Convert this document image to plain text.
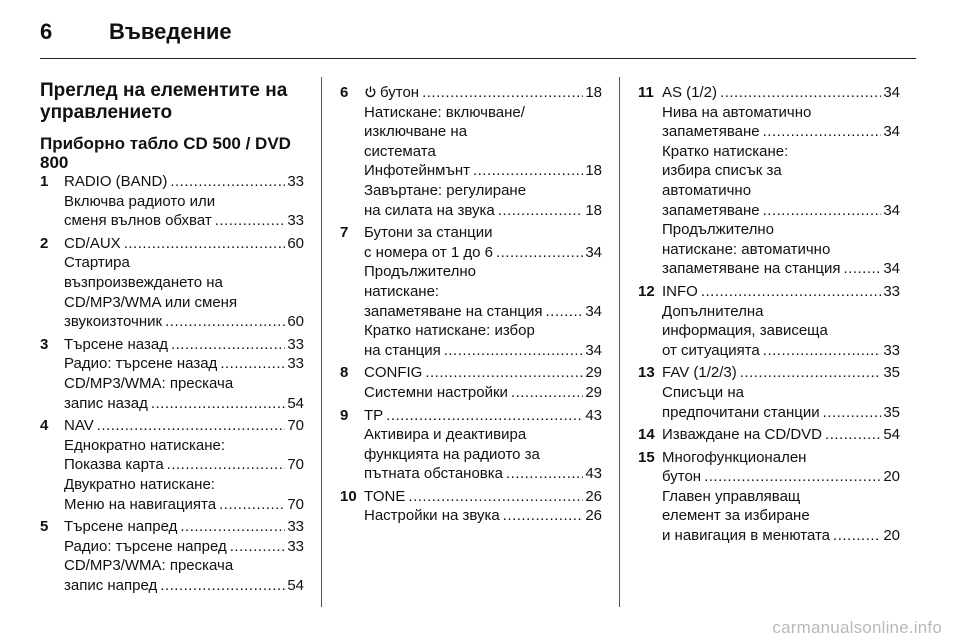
6	Въведение
Преглед на елементите на управлението
Приборно табло CD 500 / DVD 800
1 RADIO (BAND) .....	33
Включва радиото или
сменя вълнов обхват .....	33
2 CD/AUX .....	60
Стартира
възпроизвеждането на
CD/MP3/WMA или сменя
звукоизточник .....	60
3 Търсене назад .....	33
Радио: търсене назад .....	33
CD/MP3/WMA: прескача
запис назад .....	54
4 NAV .....	70
Еднократно натискане:
Показва карта .....	70
Двукратно натискане:
Меню на навигацията .....	70
5 Търсене напред .....	33
Радио: търсене напред .....	33
CD/MP3/WMA: прескача
запис напред .....	54
6	бутон .....	18
Натискане: включване/
изключване на
системата
Инфотейнмънт .....	18
Завъртане: регулиране
на силата на звука .....	18
7 Бутони за станции
с номера от 1 до 6 .....	34
Продължително
натискане:
запаметяване на станция .....	34
Кратко натискане: избор
на станция .....	34
8 CONFIG .....	29
Системни настройки .....	29
9 TP .....	43
Активира и деактивира
функцията на радиото за
пътната обстановка .....	43
10 TONE .....	26
Настройки на звука .....	26
11 AS (1/2) .....	34
Нива на автоматично
запаметяване .....	34
Кратко натискане:
избира списък за
автоматично
запаметяване .....	34
Продължително
натискане: автоматично
запаметяване на станция .....	34
12 INFO .....	33
Допълнителна
информация, зависеща
от ситуацията .....	33
13 FAV (1/2/3) .....	35
Списъци на
предпочитани станции .....	35
14 Изваждане на CD/DVD .....	54
15 Многофункционален
бутон .....	20
Главен управляващ
елемент за избиране
и навигация в менютата .....	20
carmanualsonline.info
